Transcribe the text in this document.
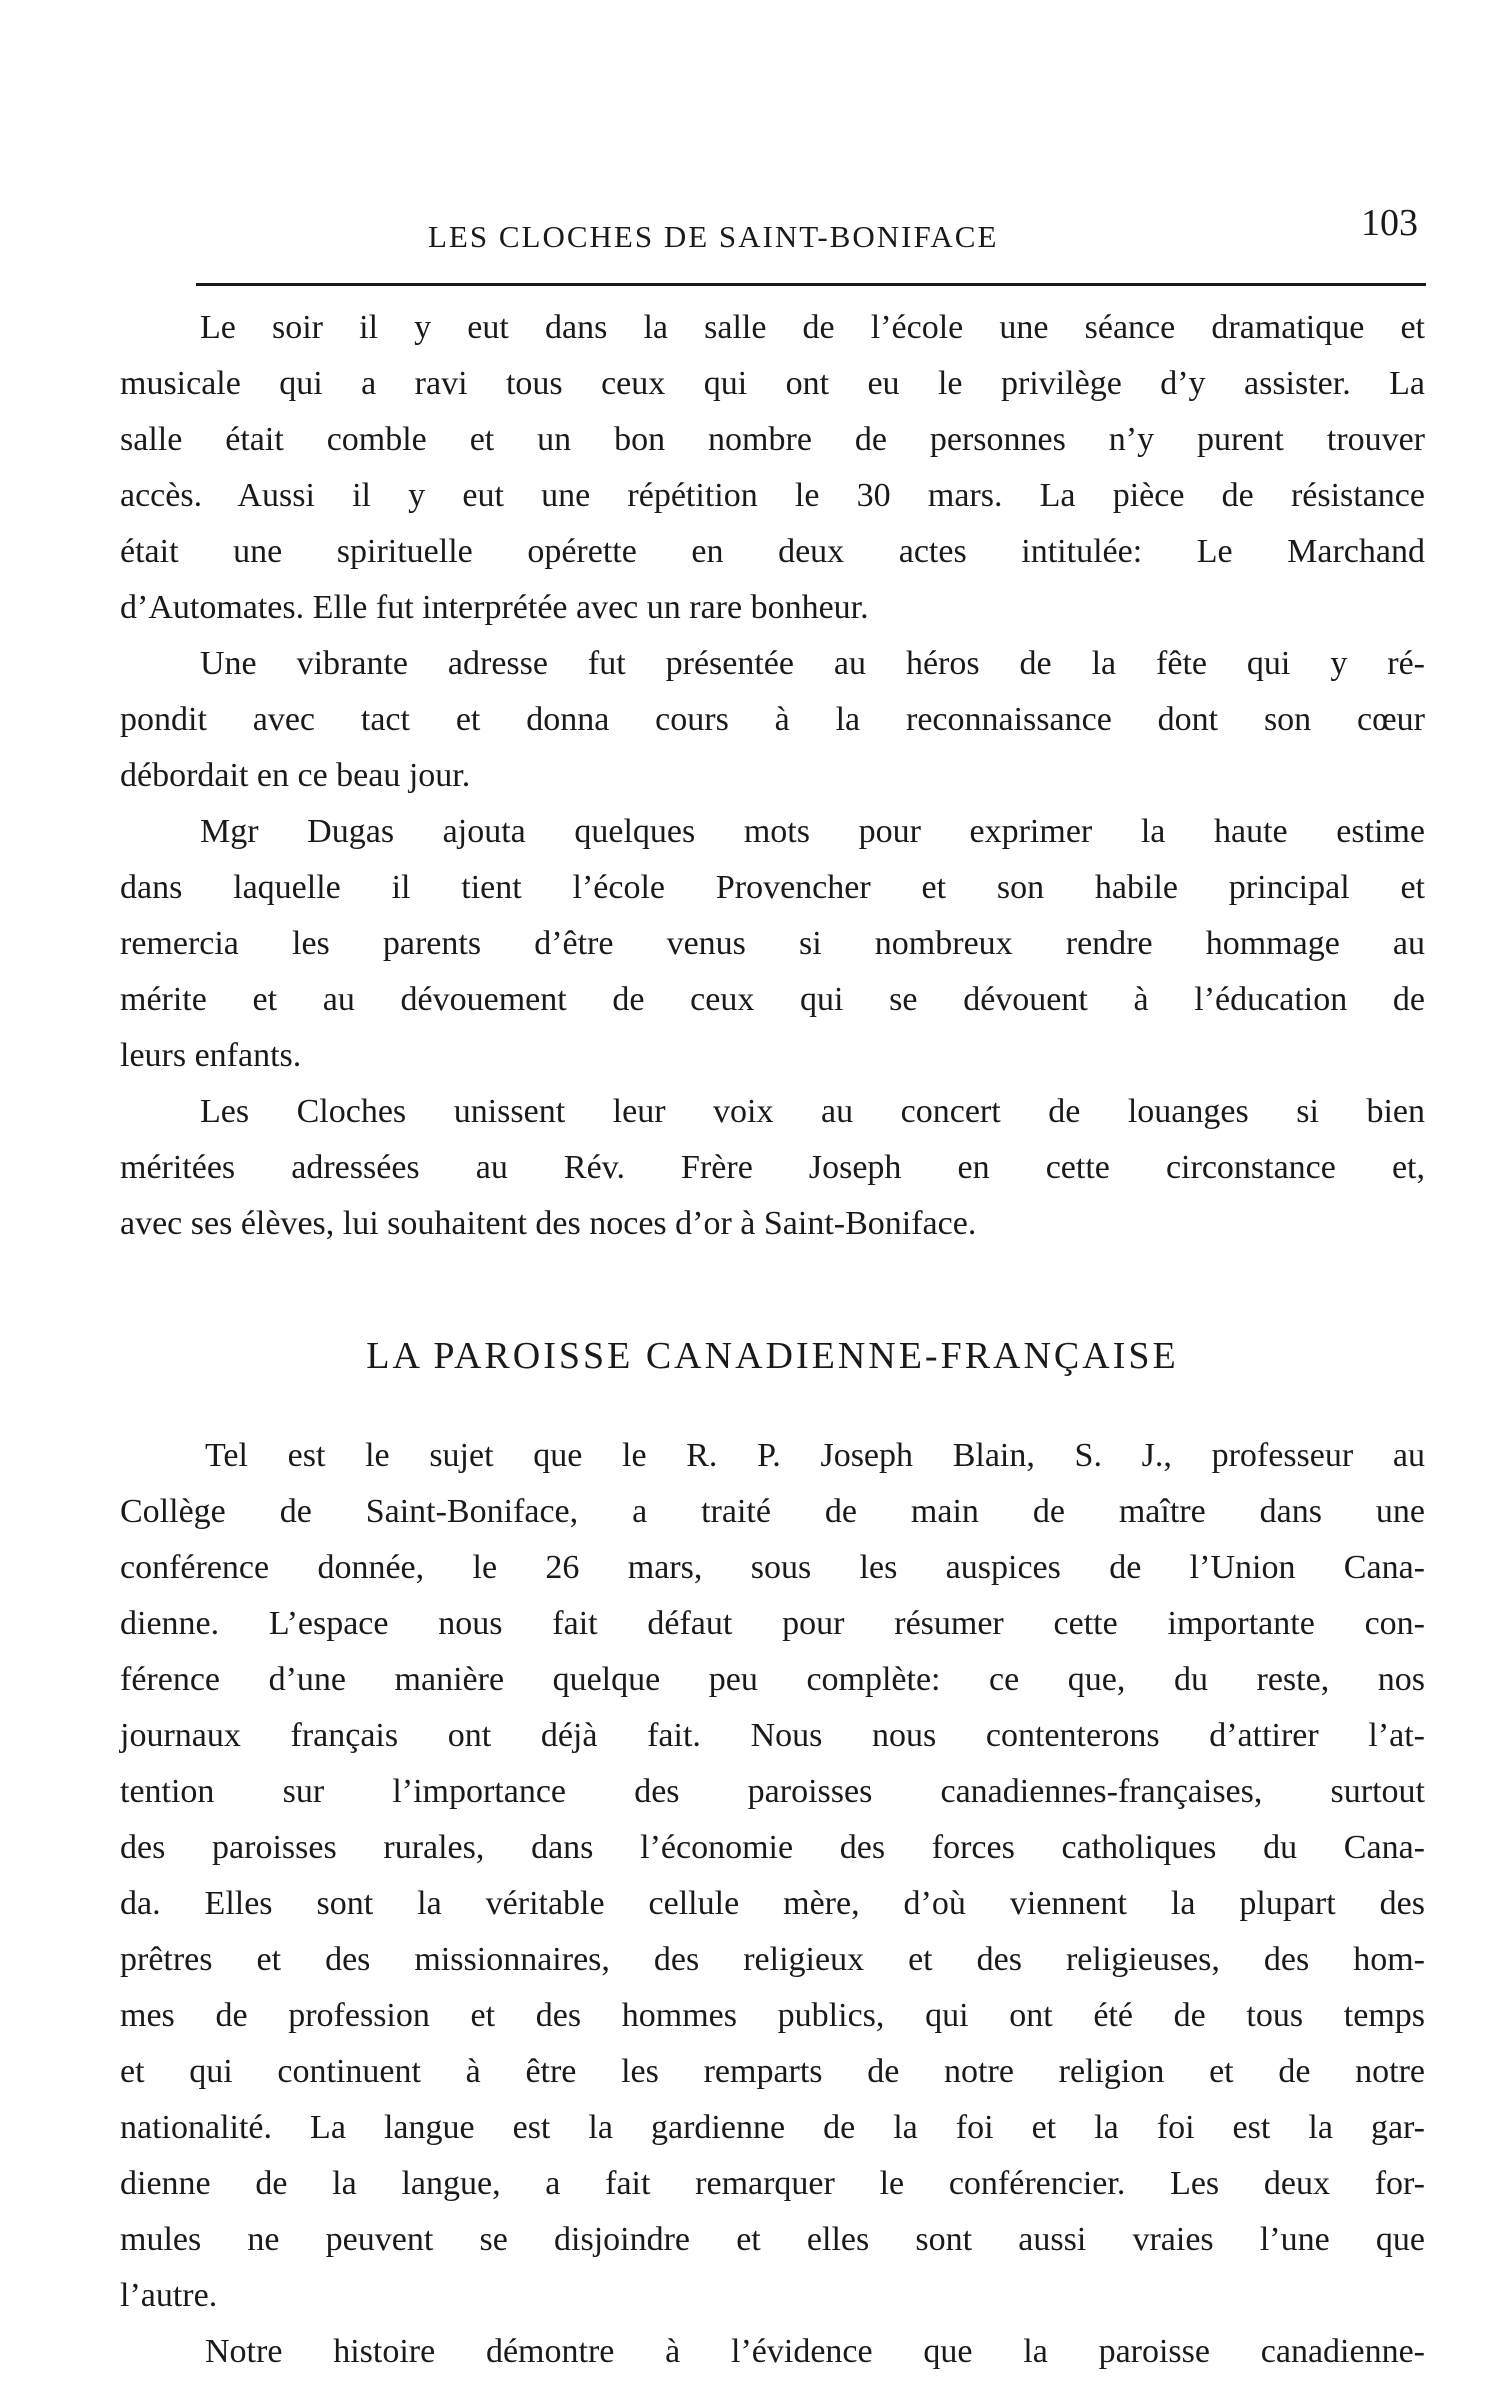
LES CLOCHES DE SAINT-BONIFACE	103
Le soir il y eut dans la salle de l’école une séance dramatique et
musicale qui a ravi tous ceux qui ont eu le privilège d’y assister. La
salle était comble et un bon nombre de personnes n’y purent trouver
accès. Aussi il y eut une répétition le 30 mars. La pièce de résistance
était une spirituelle opérette en deux actes intitulée: Le Marchand
d’Automates. Elle fut interprétée avec un rare bonheur.
Une vibrante adresse fut présentée au héros de la fête qui y ré-
pondit avec tact et donna cours à la reconnaissance dont son cœur
débordait en ce beau jour.
Mgr Dugas ajouta quelques mots pour exprimer la haute estime
dans laquelle il tient l’école Provencher et son habile principal et
remercia les parents d’être venus si nombreux rendre hommage au
mérite et au dévouement de ceux qui se dévouent à l’éducation de
leurs enfants.
Les Cloches unissent leur voix au concert de louanges si bien
méritées adressées au Rév. Frère Joseph en cette circonstance et,
avec ses élèves, lui souhaitent des noces d’or à Saint-Boniface.
LA PAROISSE CANADIENNE-FRANÇAISE
Tel est le sujet que le R. P. Joseph Blain, S. J., professeur au
Collège de Saint-Boniface, a traité de main de maître dans une
conférence donnée, le 26 mars, sous les auspices de l’Union Cana-
dienne. L’espace nous fait défaut pour résumer cette importante con-
férence d’une manière quelque peu complète: ce que, du reste, nos
journaux français ont déjà fait. Nous nous contenterons d’attirer l’at-
tention sur l’importance des paroisses canadiennes-françaises, surtout
des paroisses rurales, dans l’économie des forces catholiques du Cana-
da. Elles sont la véritable cellule mère, d’où viennent la plupart des
prêtres et des missionnaires, des religieux et des religieuses, des hom-
mes de profession et des hommes publics, qui ont été de tous temps
et qui continuent à être les remparts de notre religion et de notre
nationalité. La langue est la gardienne de la foi et la foi est la gar-
dienne de la langue, a fait remarquer le conférencier. Les deux for-
mules ne peuvent se disjoindre et elles sont aussi vraies l’une que
l’autre.
Notre histoire démontre à l’évidence que la paroisse canadienne-
